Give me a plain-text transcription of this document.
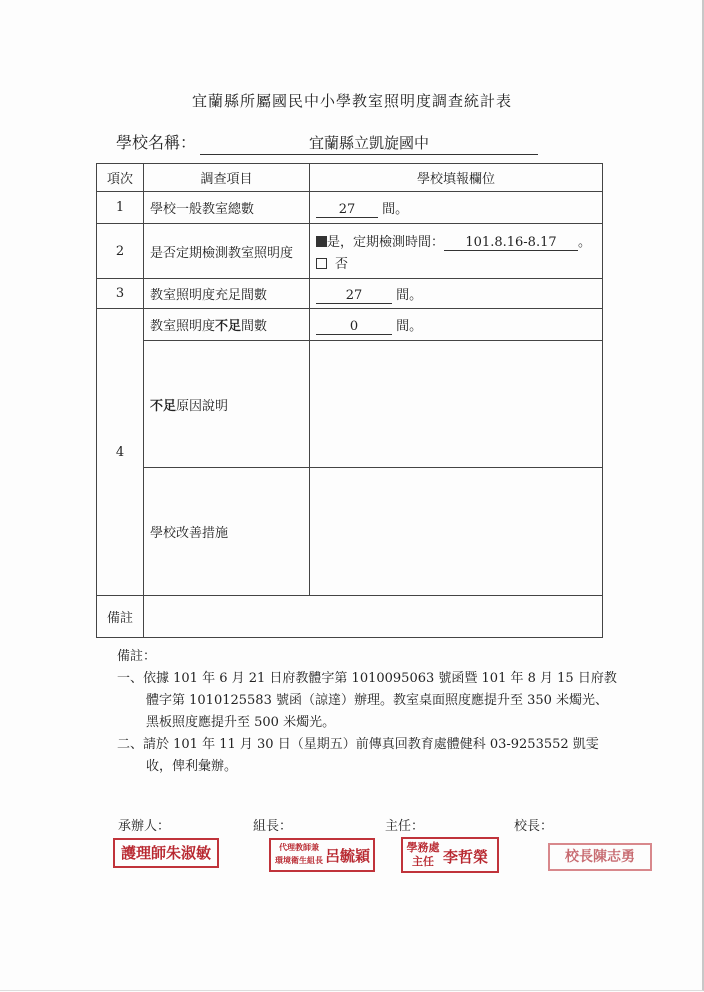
宜蘭縣所屬國民中小學教室照明度調查統計表
學校名稱：	宜蘭縣立凱旋國中
項次	調查項目	學校填報欄位
1	學校一般教室總數	27 間。
2	是否定期檢測教室照明度	是，定期檢測時間： 101.8.16-8.17 。
否

3	教室照明度充足間數	27 間。
4	教室照明度不足間數	0 間。
	不足原因說明	
	學校改善措施	
備註		
備註：
一、依據 101 年 6 月 21 日府教體字第 1010095063 號函暨 101 年 8 月 15 日府教
體字第 1010125583 號函（諒達）辦理。教室桌面照度應提升至 350 米燭光、
黑板照度應提升至 500 米燭光。
二、請於 101 年 11 月 30 日（星期五）前傳真回教育處體健科 03-9253552 凱雯
收，俾利彙辦。
承辦人：	組長：	主任：	校長：
護理師朱淑敏	代理教師兼
環境衛生組長 呂毓穎	學務處
主任 李哲榮	校長陳志勇
